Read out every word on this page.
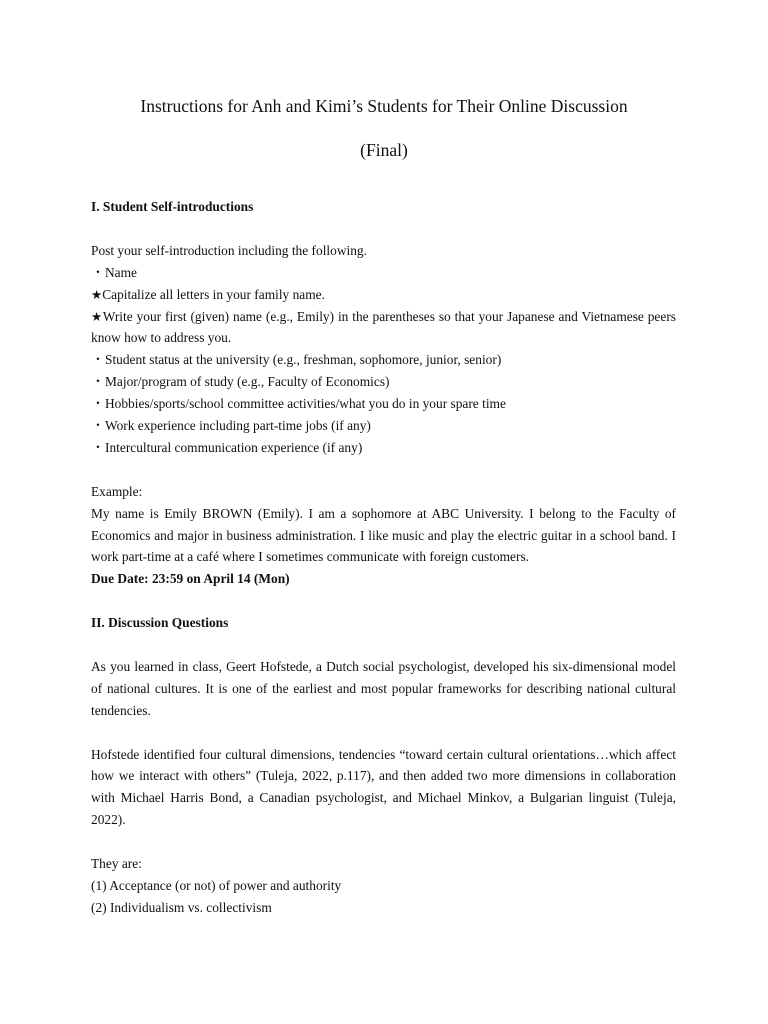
Instructions for Anh and Kimi’s Students for Their Online Discussion
(Final)
I. Student Self-introductions
Post your self-introduction including the following.
・Name
★Capitalize all letters in your family name.
★Write your first (given) name (e.g., Emily) in the parentheses so that your Japanese and Vietnamese peers know how to address you.
・Student status at the university (e.g., freshman, sophomore, junior, senior)
・Major/program of study (e.g., Faculty of Economics)
・Hobbies/sports/school committee activities/what you do in your spare time
・Work experience including part-time jobs (if any)
・Intercultural communication experience (if any)
Example:
My name is Emily BROWN (Emily). I am a sophomore at ABC University. I belong to the Faculty of Economics and major in business administration. I like music and play the electric guitar in a school band. I work part-time at a café where I sometimes communicate with foreign customers.
Due Date: 23:59 on April 14 (Mon)
II. Discussion Questions
As you learned in class, Geert Hofstede, a Dutch social psychologist, developed his six-dimensional model of national cultures. It is one of the earliest and most popular frameworks for describing national cultural tendencies.
Hofstede identified four cultural dimensions, tendencies “toward certain cultural orientations…which affect how we interact with others” (Tuleja, 2022, p.117), and then added two more dimensions in collaboration with Michael Harris Bond, a Canadian psychologist, and Michael Minkov, a Bulgarian linguist (Tuleja, 2022).
They are:
(1) Acceptance (or not) of power and authority
(2) Individualism vs. collectivism
